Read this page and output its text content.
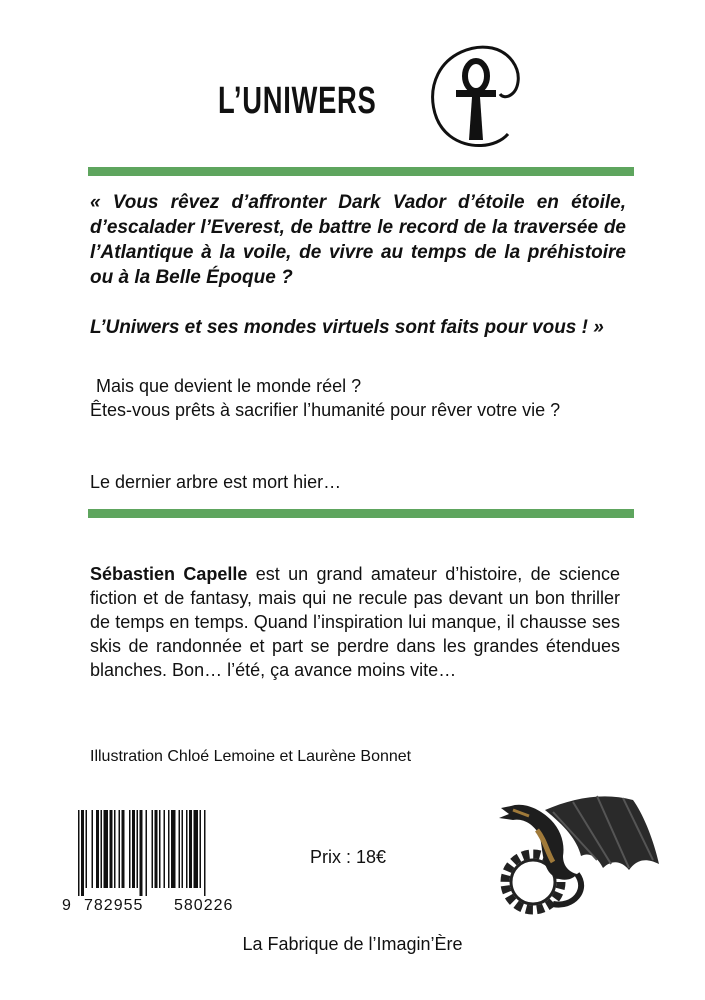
L’UNIWERS

« Vous rêvez d’affronter Dark Vador d’étoile en étoile, d’escalader l’Everest, de battre le record de la traversée de l’Atlantique à la voile, de vivre au temps de la préhistoire ou à la Belle Époque ?

L’Uniwers et ses mondes virtuels sont faits pour vous ! »

Mais que devient le monde réel ?
Êtes-vous prêts à sacrifier l’humanité pour rêver votre vie ?
Le dernier arbre est mort hier…
Sébastien Capelle est un grand amateur d’histoire, de science fiction et de fantasy, mais qui ne recule pas devant un bon thriller de temps en temps. Quand l’inspiration lui manque, il chausse ses skis de randonnée et part se perdre dans les grandes étendues blanches. Bon… l’été, ça avance moins vite…
Illustration Chloé Lemoine et Laurène Bonnet
9 782955 580226
Prix : 18€
La Fabrique de l’Imagin’Ère
